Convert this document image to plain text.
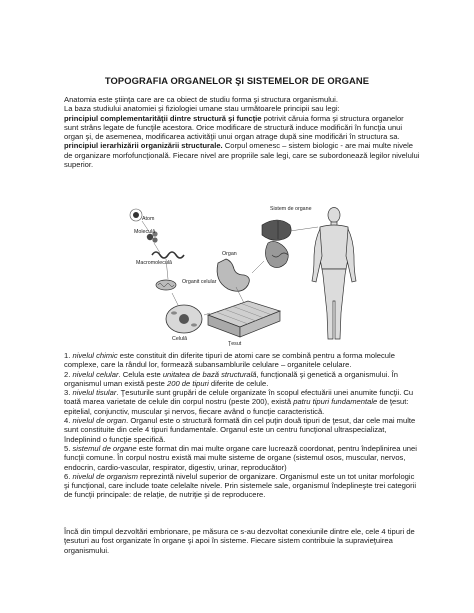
TOPOGRAFIA ORGANELOR ŞI SISTEMELOR DE ORGANE

Anatomia este ştiinţa care are ca obiect de studiu forma şi structura organismului.

La baza studiului anatomiei şi fiziologiei umane stau următoarele principii sau legi:

principiul complementarităţii dintre structură şi funcţie potrivit căruia forma şi structura organelor sunt strâns legate de funcţile acestora. Orice modificare de structură induce modificări în funcţia unui organ şi, de asemenea, modificarea activităţii unui organ atrage după sine modificări în structura sa.

principiul ierarhizării organizării structurale. Corpul omenesc – sistem biologic - are mai multe nivele de organizare morfofuncţională. Fiecare nivel are propriile sale legi, care se subordonează legilor nivelului superior.

Atom
Moleculă
Macromoleculă
Organit celular
Celulă
Ţesut
Organ
Sistem de organe

1. nivelul chimic este constituit din diferite tipuri de atomi care se combină pentru a forma molecule complexe, care la rândul lor, formează subansamblurile celulare – organitele celulare.

2. nivelul celular. Celula este unitatea de bază structurală, funcţională şi genetică a organismului. În organismul uman există peste 200 de tipuri diferite de celule.

3. nivelul tisular. Ţesuturile sunt grupări de celule organizate în scopul efectuării unei anumite funcţii. Cu toată marea varietate de celule din corpul nostru (peste 200), există patru tipuri fundamentale de ţesut: epitelial, conjunctiv, muscular şi nervos, fiecare având o funcţie caracteristică.

4. nivelul de organ. Organul este o structură formată din cel puţin două tipuri de ţesut, dar cele mai multe sunt constituite din cele 4 tipuri fundamentale. Organul este un centru funcţional ultraspecializat, îndeplinind o funcţie specifică.

5. sistemul de organe este format din mai multe organe care lucrează coordonat, pentru îndeplinirea unei funcţii comune. În corpul nostru există mai multe sisteme de organe (sistemul osos, muscular, nervos, endocrin, cardio-vascular, respirator, digestiv, urinar, reproducător)

6. nivelul de organism reprezintă nivelul superior de organizare. Organismul este un tot unitar morfologic şi funcţional, care include toate celelalte nivele. Prin sistemele sale, organismul îndeplineşte trei categorii de funcţii principale: de relaţie, de nutriţie şi de reproducere.

Încă din timpul dezvoltări embrionare, pe măsura ce s-au dezvoltat conexiunile dintre ele, cele 4 tipuri de ţesuturi au fost organizate în organe şi apoi în sisteme. Fiecare sistem contribuie la supravieţuirea organismului.
